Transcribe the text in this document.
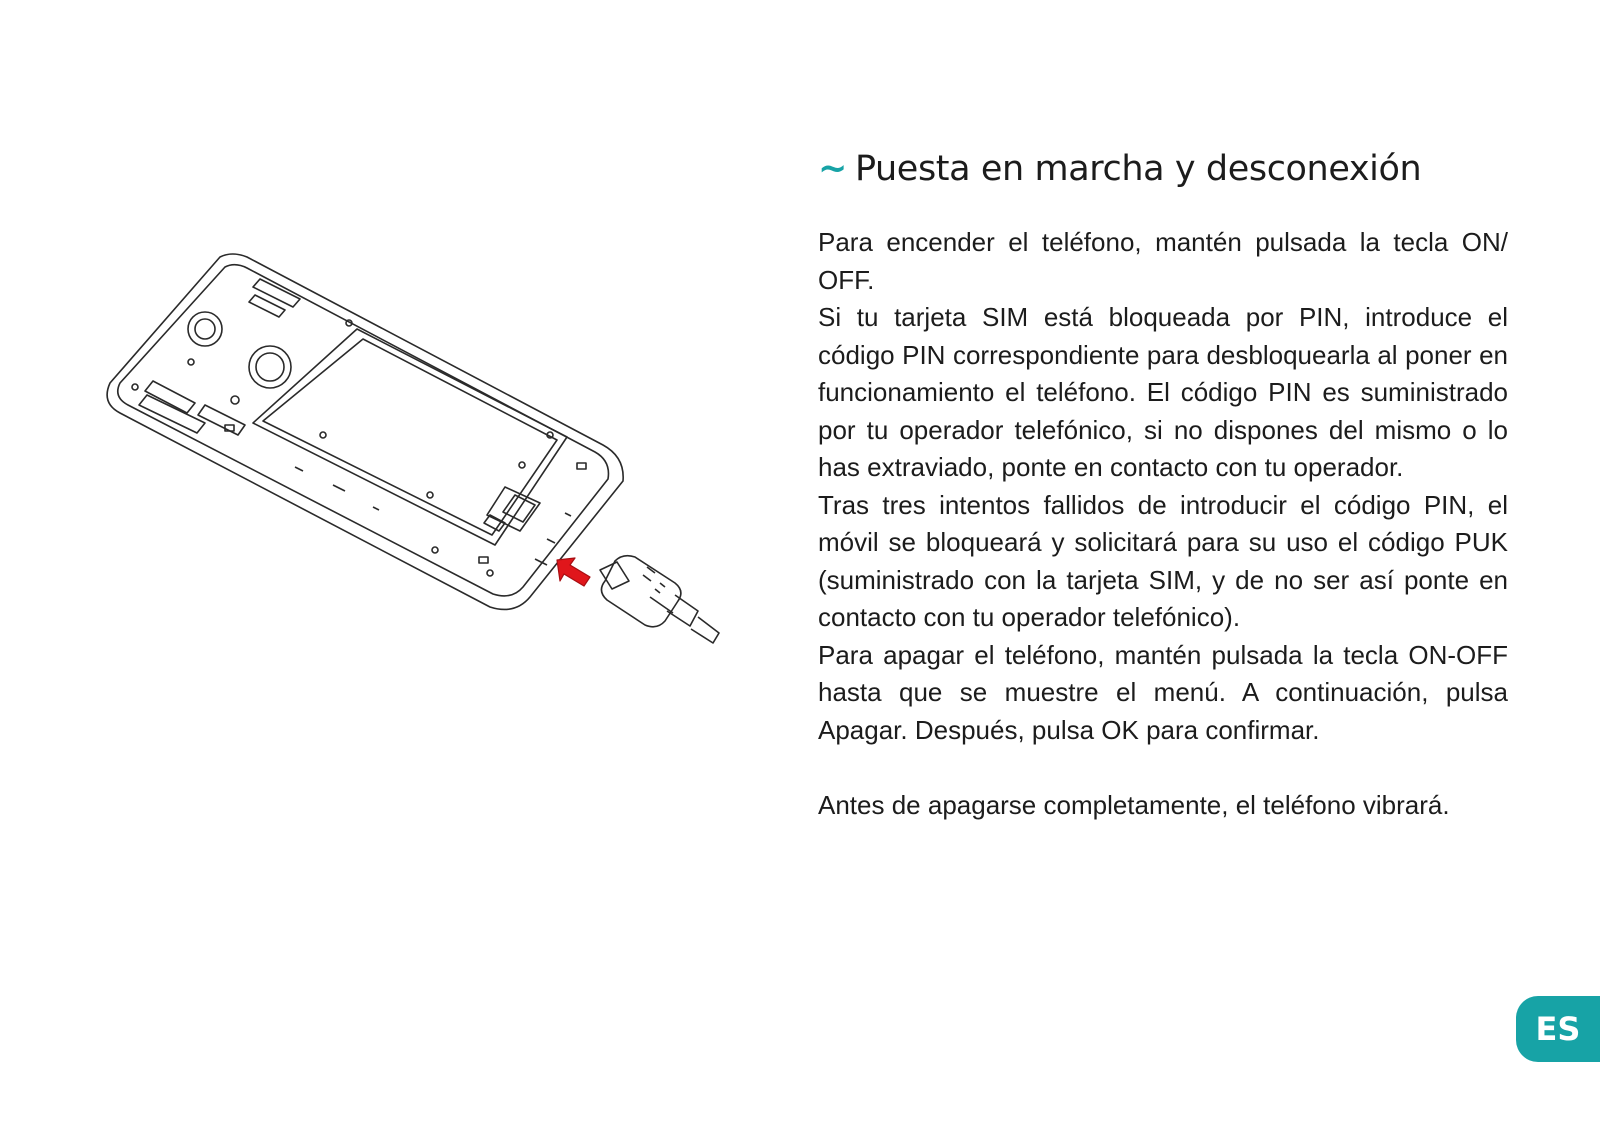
~ Puesta en marcha y desconexión

Para encender el teléfono, mantén pulsada la tecla ON/ OFF.

Si tu tarjeta SIM está bloqueada por PIN, introduce el código PIN correspondiente para desbloquearla al poner en funcionamiento el teléfono. El código PIN es suministrado por tu operador telefónico, si no dispones del mismo o lo has extraviado, ponte en contacto con tu operador.

Tras tres intentos fallidos de introducir el código PIN, el móvil se bloqueará y solicitará para su uso el código PUK (suministrado con la tarjeta SIM, y de no ser así ponte en contacto con tu operador telefónico).

Para apagar el teléfono, mantén pulsada la tecla ON-OFF hasta que se muestre el menú. A continuación, pulsa Apagar. Después, pulsa OK para confirmar.

Antes de apagarse completamente, el teléfono vibrará.

ES
